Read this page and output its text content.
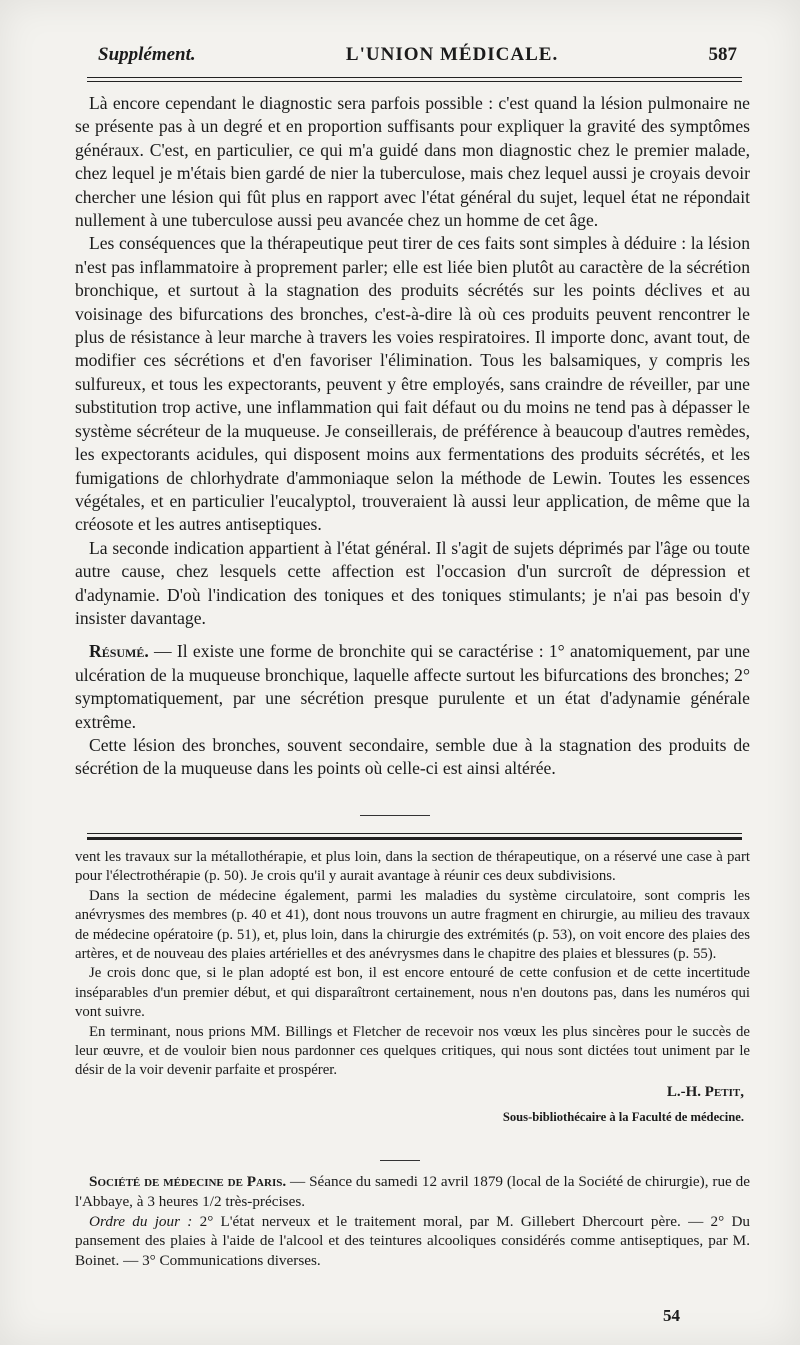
Supplément.	L'UNION MÉDICALE.	587

Là encore cependant le diagnostic sera parfois possible : c'est quand la lésion pulmonaire ne se présente pas à un degré et en proportion suffisants pour expliquer la gravité des symptômes généraux. C'est, en particulier, ce qui m'a guidé dans mon diagnostic chez le premier malade, chez lequel je m'étais bien gardé de nier la tuberculose, mais chez lequel aussi je croyais devoir chercher une lésion qui fût plus en rapport avec l'état général du sujet, lequel état ne répondait nullement à une tuberculose aussi peu avancée chez un homme de cet âge.

Les conséquences que la thérapeutique peut tirer de ces faits sont simples à déduire : la lésion n'est pas inflammatoire à proprement parler; elle est liée bien plutôt au caractère de la sécrétion bronchique, et surtout à la stagnation des produits sécrétés sur les points déclives et au voisinage des bifurcations des bronches, c'est-à-dire là où ces produits peuvent rencontrer le plus de résistance à leur marche à travers les voies respiratoires. Il importe donc, avant tout, de modifier ces sécrétions et d'en favoriser l'élimination. Tous les balsamiques, y compris les sulfureux, et tous les expectorants, peuvent y être employés, sans craindre de réveiller, par une substitution trop active, une inflammation qui fait défaut ou du moins ne tend pas à dépasser le système sécréteur de la muqueuse. Je conseillerais, de préférence à beaucoup d'autres remèdes, les expectorants acidules, qui disposent moins aux fermentations des produits sécrétés, et les fumigations de chlorhydrate d'ammoniaque selon la méthode de Lewin. Toutes les essences végétales, et en particulier l'eucalyptol, trouveraient là aussi leur application, de même que la créosote et les autres antiseptiques.

La seconde indication appartient à l'état général. Il s'agit de sujets déprimés par l'âge ou toute autre cause, chez lesquels cette affection est l'occasion d'un surcroît de dépression et d'adynamie. D'où l'indication des toniques et des toniques stimulants; je n'ai pas besoin d'y insister davantage.

Résumé. — Il existe une forme de bronchite qui se caractérise : 1° anatomiquement, par une ulcération de la muqueuse bronchique, laquelle affecte surtout les bifurcations des bronches; 2° symptomatiquement, par une sécrétion presque purulente et un état d'adynamie générale extrême.

Cette lésion des bronches, souvent secondaire, semble due à la stagnation des produits de sécrétion de la muqueuse dans les points où celle-ci est ainsi altérée.

vent les travaux sur la métallothérapie, et plus loin, dans la section de thérapeutique, on a réservé une case à part pour l'électrothérapie (p. 50). Je crois qu'il y aurait avantage à réunir ces deux subdivisions.

Dans la section de médecine également, parmi les maladies du système circulatoire, sont compris les anévrysmes des membres (p. 40 et 41), dont nous trouvons un autre fragment en chirurgie, au milieu des travaux de médecine opératoire (p. 51), et, plus loin, dans la chirurgie des extrémités (p. 53), on voit encore des plaies des artères, et de nouveau des plaies artérielles et des anévrysmes dans le chapitre des plaies et blessures (p. 55).

Je crois donc que, si le plan adopté est bon, il est encore entouré de cette confusion et de cette incertitude inséparables d'un premier début, et qui disparaîtront certainement, nous n'en doutons pas, dans les numéros qui vont suivre.

En terminant, nous prions MM. Billings et Fletcher de recevoir nos vœux les plus sincères pour le succès de leur œuvre, et de vouloir bien nous pardonner ces quelques critiques, qui nous sont dictées tout uniment par le désir de la voir devenir parfaite et prospérer.

L.-H. Petit,
Sous-bibliothécaire à la Faculté de médecine.

Société de médecine de Paris. — Séance du samedi 12 avril 1879 (local de la Société de chirurgie), rue de l'Abbaye, à 3 heures 1/2 très-précises.

Ordre du jour : 2° L'état nerveux et le traitement moral, par M. Gillebert Dhercourt père. — 2° Du pansement des plaies à l'aide de l'alcool et des teintures alcooliques considérés comme antiseptiques, par M. Boinet. — 3° Communications diverses.

54
